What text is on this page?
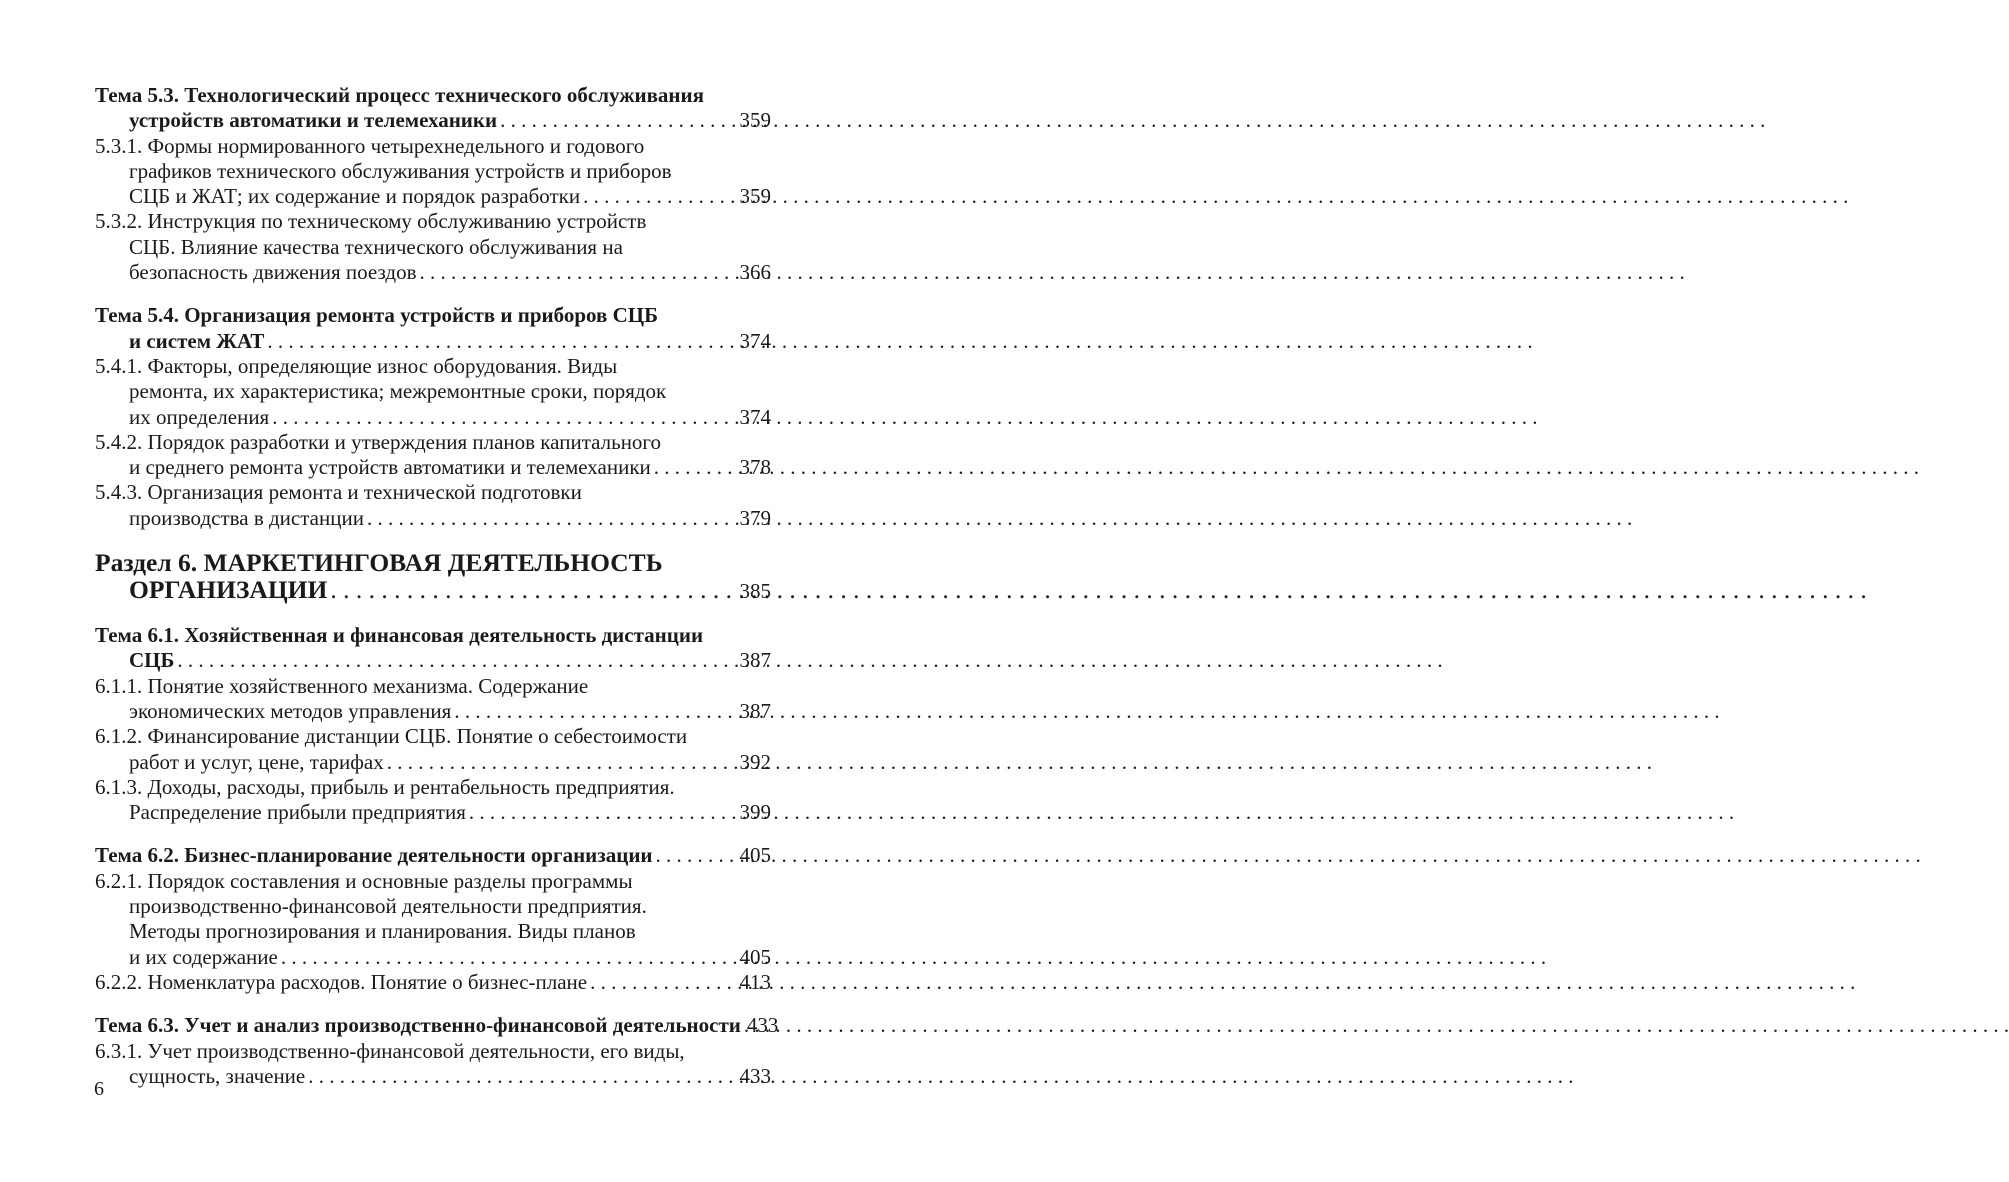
Тема 5.3. Технологический процесс технического обслуживания
устройств автоматики и телемеханики . . .	359
5.3.1. Формы нормированного четырехнедельного и годового
графиков технического обслуживания устройств и приборов
СЦБ и ЖАТ; их содержание и порядок разработки . . .	359
5.3.2. Инструкция по техническому обслуживанию устройств
СЦБ. Влияние качества технического обслуживания на
безопасность движения поездов . . .	366
Тема 5.4. Организация ремонта устройств и приборов СЦБ
и систем ЖАТ . . .	374
5.4.1. Факторы, определяющие износ оборудования. Виды
ремонта, их характеристика; межремонтные сроки, порядок
их определения . . .	374
5.4.2. Порядок разработки и утверждения планов капитального
и среднего ремонта устройств автоматики и телемеханики . . .	378
5.4.3. Организация ремонта и технической подготовки
производства в дистанции . . .	379
Раздел 6. МАРКЕТИНГОВАЯ ДЕЯТЕЛЬНОСТЬ
ОРГАНИЗАЦИИ . . .	385
Тема 6.1. Хозяйственная и финансовая деятельность дистанции
СЦБ . . .	387
6.1.1. Понятие хозяйственного механизма. Содержание
экономических методов управления . . .	387
6.1.2. Финансирование дистанции СЦБ. Понятие о себестоимости
работ и услуг, цене, тарифах . . .	392
6.1.3. Доходы, расходы, прибыль и рентабельность предприятия.
Распределение прибыли предприятия . . .	399
Тема 6.2. Бизнес-планирование деятельности организации . . .	405
6.2.1. Порядок составления и основные разделы программы
производственно-финансовой деятельности предприятия.
Методы прогнозирования и планирования. Виды планов
и их содержание . . .	405
6.2.2. Номенклатура расходов. Понятие о бизнес-плане . . .	413
Тема 6.3. Учет и анализ производственно-финансовой деятельности . . . 433
6.3.1. Учет производственно-финансовой деятельности, его виды,
сущность, значение . . .	433
6
